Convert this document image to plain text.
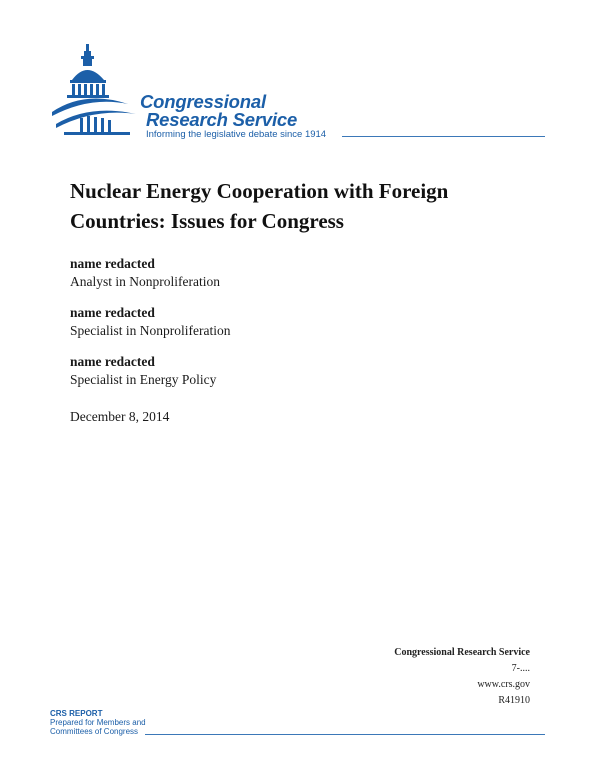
Congressional
Research Service
Informing the legislative debate since 1914
Nuclear Energy Cooperation with Foreign Countries: Issues for Congress
name redacted
Analyst in Nonproliferation
name redacted
Specialist in Nonproliferation
name redacted
Specialist in Energy Policy
December 8, 2014
Congressional Research Service
7-....
www.crs.gov
R41910
CRS REPORT
Prepared for Members and
Committees of Congress
